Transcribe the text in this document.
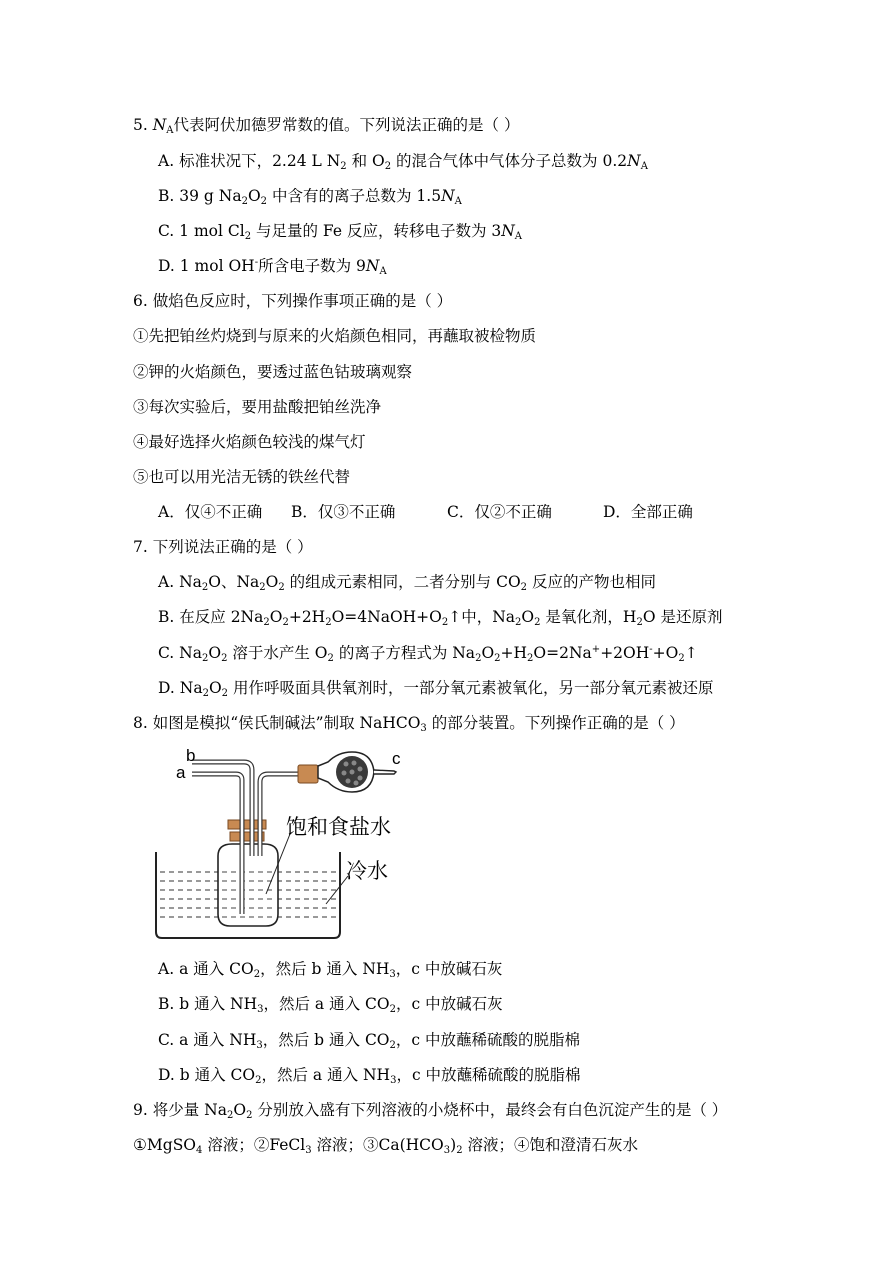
5. $N_A$代表阿伏加德罗常数的值。下列说法正确的是（ ）
A. 标准状况下，2.24 L $N_2$ 和 $O_2$ 的混合气体中气体分子总数为 $0.2N_A$
B. 39 g $Na_2O_2$ 中含有的离子总数为 $1.5N_A$
C. 1 mol $Cl_2$ 与足量的 Fe 反应，转移电子数为 $3N_A$
D. 1 mol OH-所含电子数为 $9N_A$
6. 做焰色反应时，下列操作事项正确的是（ ）
①先把铂丝灼烧到与原来的火焰颜色相同，再蘸取被检物质
②钾的火焰颜色，要透过蓝色钴玻璃观察
③每次实验后，要用盐酸把铂丝洗净
④最好选择火焰颜色较浅的煤气灯
⑤也可以用光洁无锈的铁丝代替
A．仅④不正确 B．仅③不正确	C．仅②不正确	D．全部正确
7. 下列说法正确的是（ ）
A. $Na_2O$、$Na_2O_2$ 的组成元素相同，二者分别与 $CO_2$ 反应的产物也相同
B. 在反应 $2Na_2O_2+2H_2O=4NaOH+O_2↑$中，$Na_2O_2$ 是氧化剂，$H_2O$ 是还原剂
C. $Na_2O_2$ 溶于水产生 $O_2$ 的离子方程式为 $Na_2O_2+H_2O=2Na^++2OH^-+O_2↑$
D. $Na_2O_2$ 用作呼吸面具供氧剂时，一部分氧元素被氧化，另一部分氧元素被还原
8. 如图是模拟“侯氏制碱法”制取 NaHCO$_3$ 的部分装置。下列操作正确的是（ ）
b
a
c
饱和食盐水
冷水
A. a 通入 $CO_2$，然后 b 通入 $NH_3$，c 中放碱石灰
B. b 通入 $NH_3$，然后 a 通入 $CO_2$，c 中放碱石灰
C. a 通入 $NH_3$，然后 b 通入 $CO_2$，c 中放蘸稀硫酸的脱脂棉
D. b 通入 $CO_2$，然后 a 通入 $NH_3$，c 中放蘸稀硫酸的脱脂棉
9. 将少量 $Na_2O_2$ 分别放入盛有下列溶液的小烧杯中，最终会有白色沉淀产生的是（ ）
①MgSO$_4$ 溶液；②FeCl$_3$ 溶液；$③Ca(HCO_3)_2$ 溶液；④饱和澄清石灰水
